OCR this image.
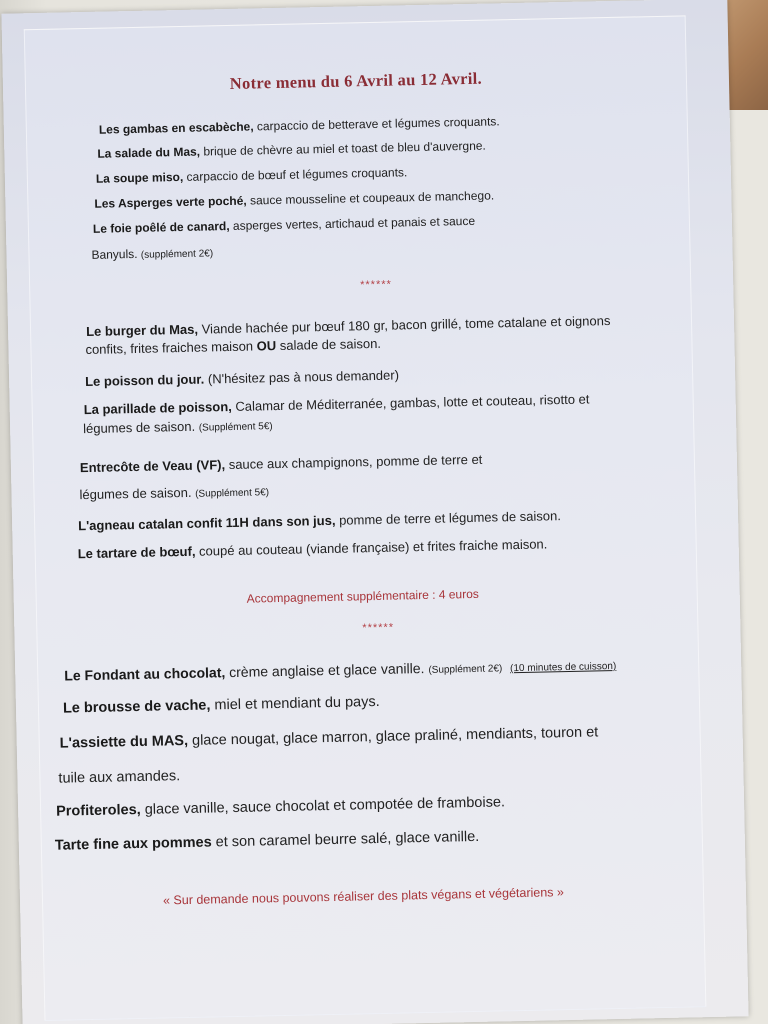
Notre menu du 6 Avril au 12 Avril.
Les gambas en escabèche, carpaccio de betterave et légumes croquants.
La salade du Mas, brique de chèvre au miel et toast de bleu d'auvergne.
La soupe miso, carpaccio de bœuf et légumes croquants.
Les Asperges verte poché, sauce mousseline et coupeaux de manchego.
Le foie poêlé de canard, asperges vertes, artichaud et panais et sauce
Banyuls. (supplément 2€)
******
Le burger du Mas, Viande hachée pur bœuf 180 gr, bacon grillé, tome catalane et oignons
confits, frites fraiches maison OU salade de saison.
Le poisson du jour. (N'hésitez pas à nous demander)
La parillade de poisson, Calamar de Méditerranée, gambas, lotte et couteau, risotto et
légumes de saison. (Supplément 5€)
Entrecôte de Veau (VF), sauce aux champignons, pomme de terre et
légumes de saison. (Supplément 5€)
L'agneau catalan confit 11H dans son jus, pomme de terre et légumes de saison.
Le tartare de bœuf, coupé au couteau (viande française) et frites fraiche maison.
Accompagnement supplémentaire : 4 euros
******
Le Fondant au chocolat, crème anglaise et glace vanille. (Supplément 2€) (10 minutes de cuisson)
Le brousse de vache, miel et mendiant du pays.
L'assiette du MAS, glace nougat, glace marron, glace praliné, mendiants, touron et
tuile aux amandes.
Profiteroles, glace vanille, sauce chocolat et compotée de framboise.
Tarte fine aux pommes et son caramel beurre salé, glace vanille.
« Sur demande nous pouvons réaliser des plats végans et végétariens »
